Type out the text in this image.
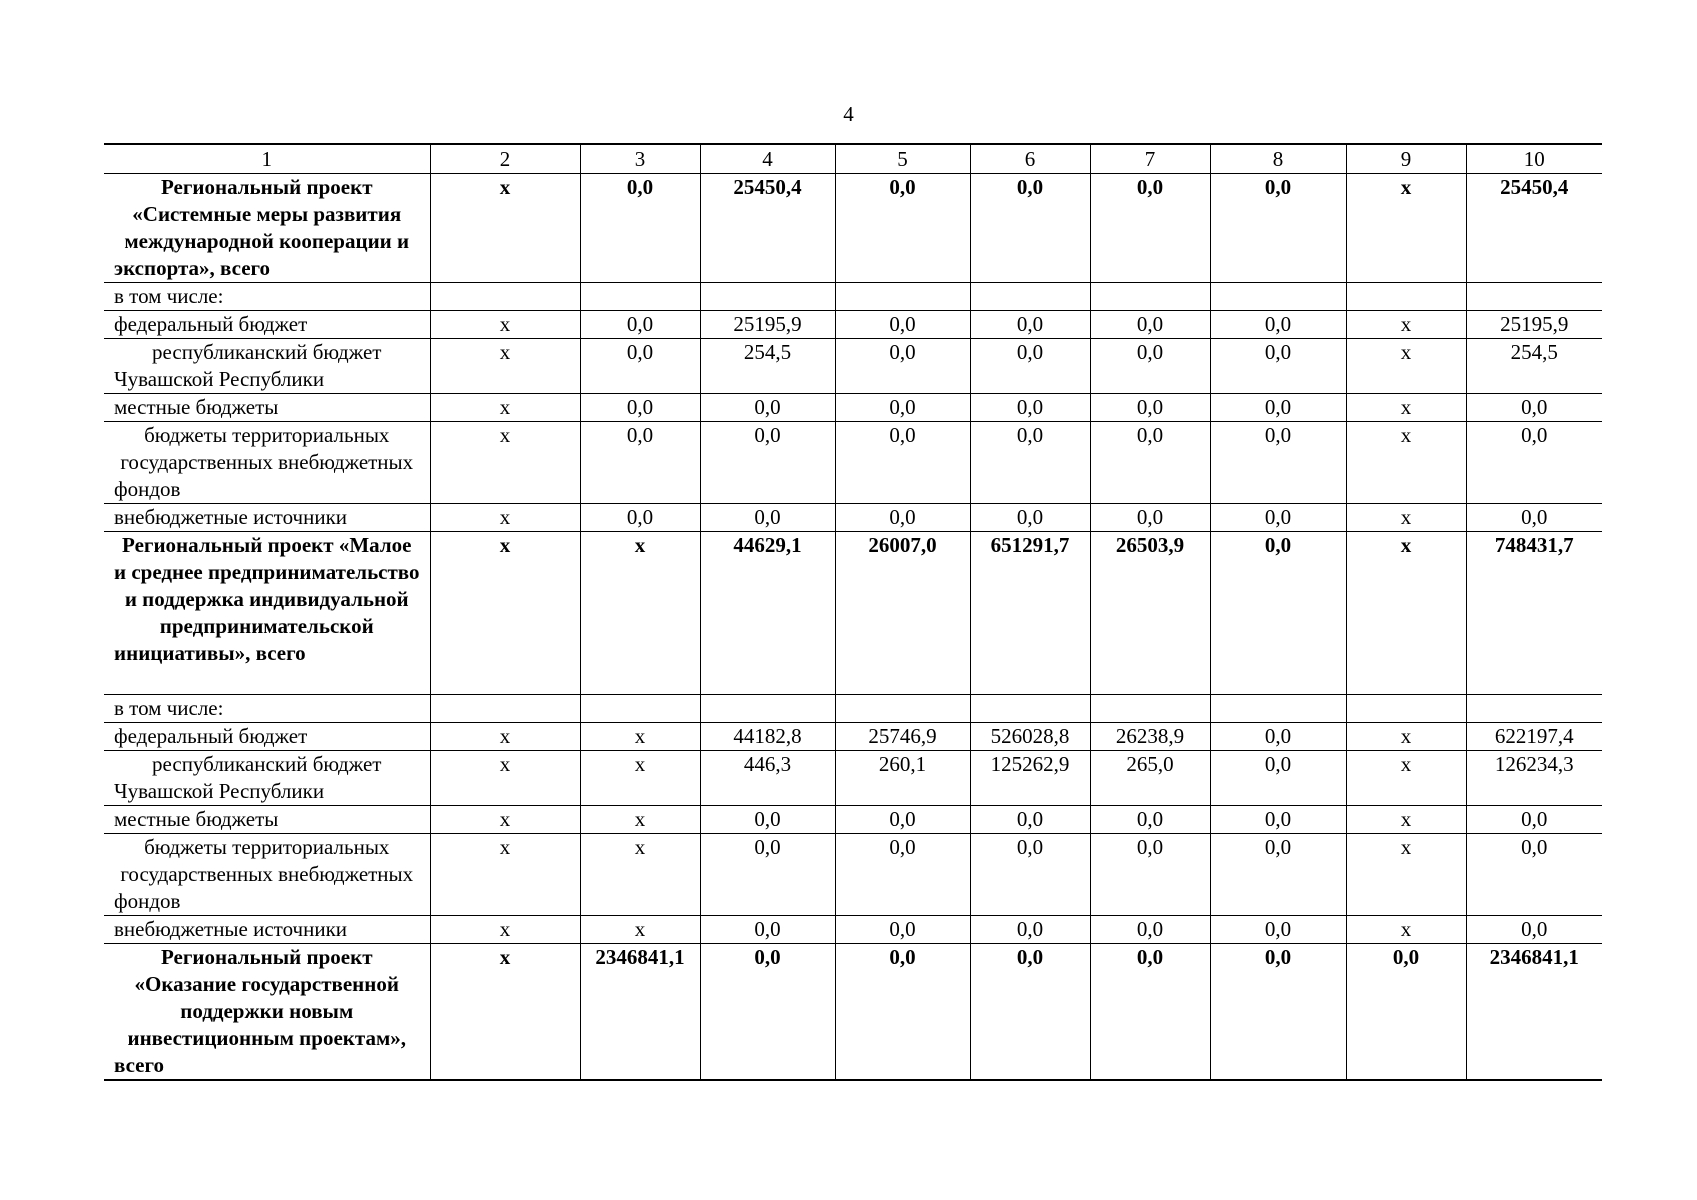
4
1	2	3	4	5	6	7	8	9	10
Региональный проект «Системные меры развития международной кооперации и экспорта», всего	х	0,0	25450,4	0,0	0,0	0,0	0,0	х	25450,4
в том числе:									
федеральный бюджет	х	0,0	25195,9	0,0	0,0	0,0	0,0	х	25195,9
республиканский бюджет Чувашской Республики	х	0,0	254,5	0,0	0,0	0,0	0,0	х	254,5
местные бюджеты	х	0,0	0,0	0,0	0,0	0,0	0,0	х	0,0
бюджеты территориальных государственных внебюджетных фондов	х	0,0	0,0	0,0	0,0	0,0	0,0	х	0,0
внебюджетные источники	х	0,0	0,0	0,0	0,0	0,0	0,0	х	0,0
Региональный проект «Малое и среднее предпринимательство и поддержка индивидуальной предпринимательской инициативы», всего	х	х	44629,1	26007,0	651291,7	26503,9	0,0	х	748431,7
в том числе:									
федеральный бюджет	х	х	44182,8	25746,9	526028,8	26238,9	0,0	х	622197,4
республиканский бюджет Чувашской Республики	х	х	446,3	260,1	125262,9	265,0	0,0	х	126234,3
местные бюджеты	х	х	0,0	0,0	0,0	0,0	0,0	х	0,0
бюджеты территориальных государственных внебюджетных фондов	х	х	0,0	0,0	0,0	0,0	0,0	х	0,0
внебюджетные источники	х	х	0,0	0,0	0,0	0,0	0,0	х	0,0
Региональный проект «Оказание государственной поддержки новым инвестиционным проектам», всего	х	2346841,1	0,0	0,0	0,0	0,0	0,0	0,0	2346841,1
